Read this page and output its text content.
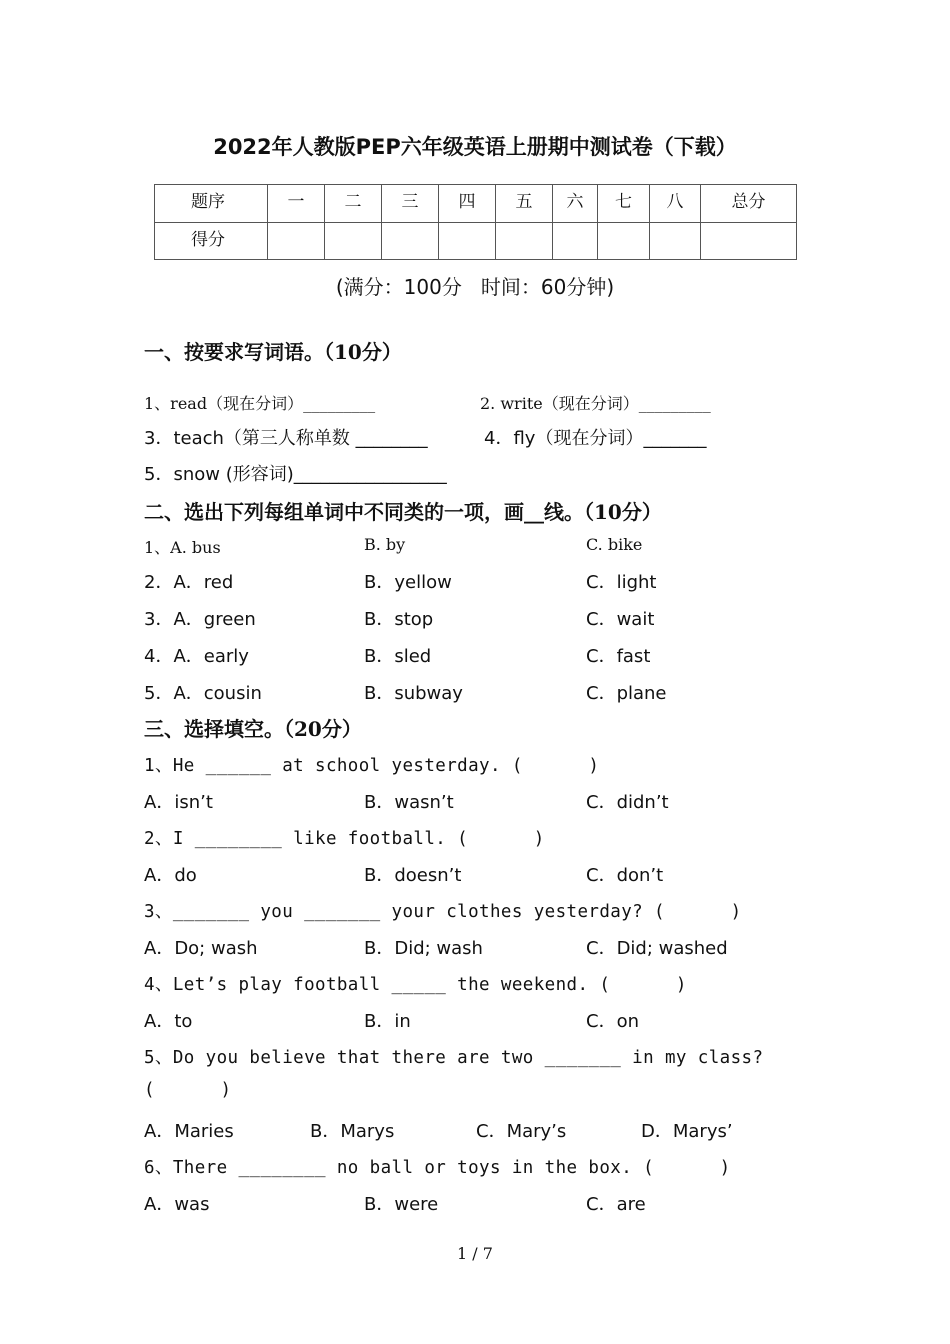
2022年人教版PEP六年级英语上册期中测试卷（下载）
题序	一	二	三	四	五	六	七	八	总分
得分									
(满分：100分   时间：60分钟)
一、按要求写词语。（10分）
1、read（现在分词）_________	2. write（现在分词）_________
3．teach（第三人称单数 ________	4．fly（现在分词）_______
5．snow (形容词)_________________
二、选出下列每组单词中不同类的一项，画__线。（10分）
1、A. bus	B. by	C. bike
2．A．red	B．yellow	C．light
3．A．green	B．stop	C．wait
4．A．early	B．sled	C．fast
5．A．cousin	B．subway	C．plane
三、选择填空。（20分）
1、He ______ at school yesterday. (      )
A．isn’t	B．wasn’t	C．didn’t
2、I ________ like football. (      )
A．do	B．doesn’t	C．don’t
3、_______ you _______ your clothes yesterday? (      )
A．Do; wash	B．Did; wash	C．Did; washed
4、Let’s play football _____ the weekend. (      )
A．to	B．in	C．on
5、Do you believe that there are two _______ in my class?
(      )
A．Maries	B．Marys	C．Mary’s	D．Marys’
6、There ________ no ball or toys in the box. (      )
A．was	B．were	C．are
1 / 7
